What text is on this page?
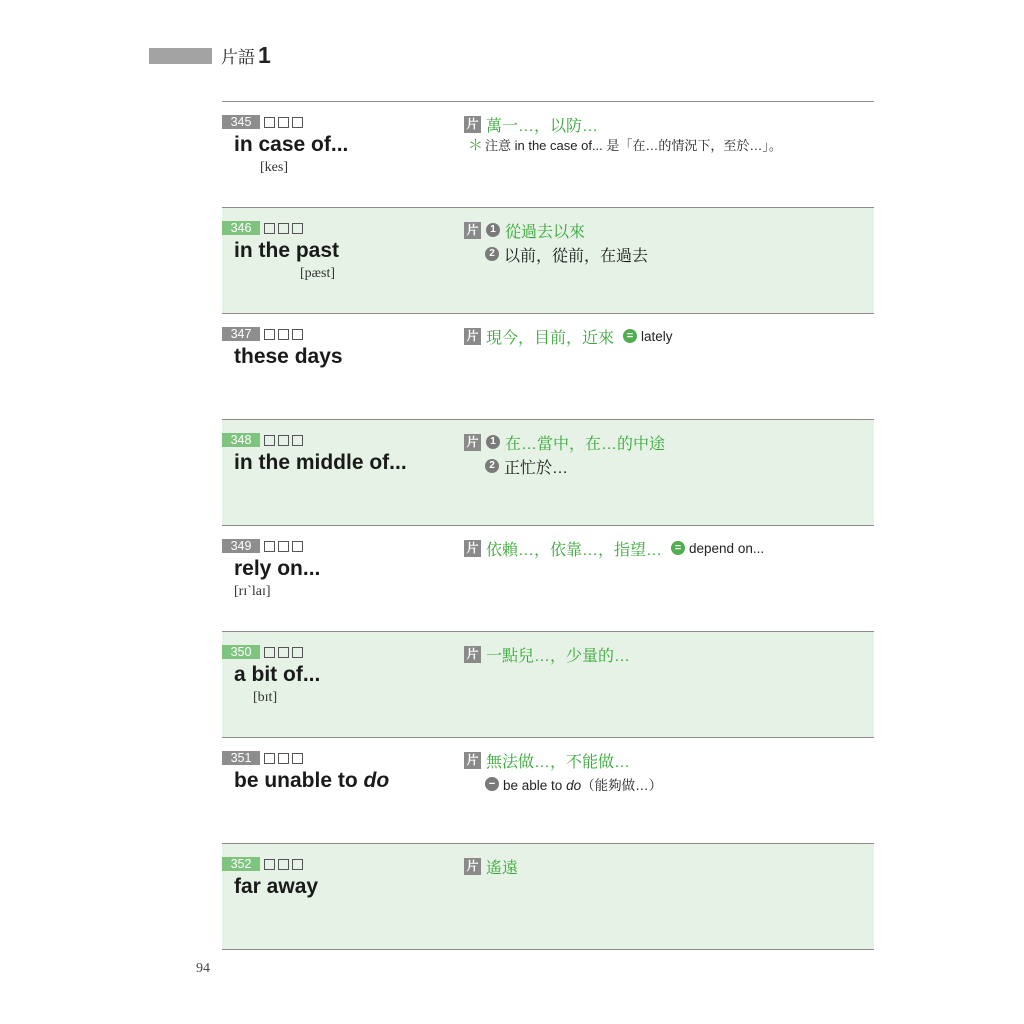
片語 1
345
in case of...
[kes]
片 萬一…，以防…
＊ 注意 in the case of... 是「在…的情況下，至於…」。
346
in the past
[pæst]
片	1 從過去以來
2 以前，從前，在過去
347
these days
片 現今，目前，近來	= lately
348
in the middle of...
片	1 在…當中，在…的中途
2 正忙於…
349
rely on...
[rɪˋlaɪ]
片 依賴…，依靠…，指望…	= depend on...
350
a bit of...
[bɪt]
片 一點兒…，少量的…
351
be unable to do
片 無法做…，不能做…
− be able to do（能夠做…）
352
far away
片 遙遠
94
